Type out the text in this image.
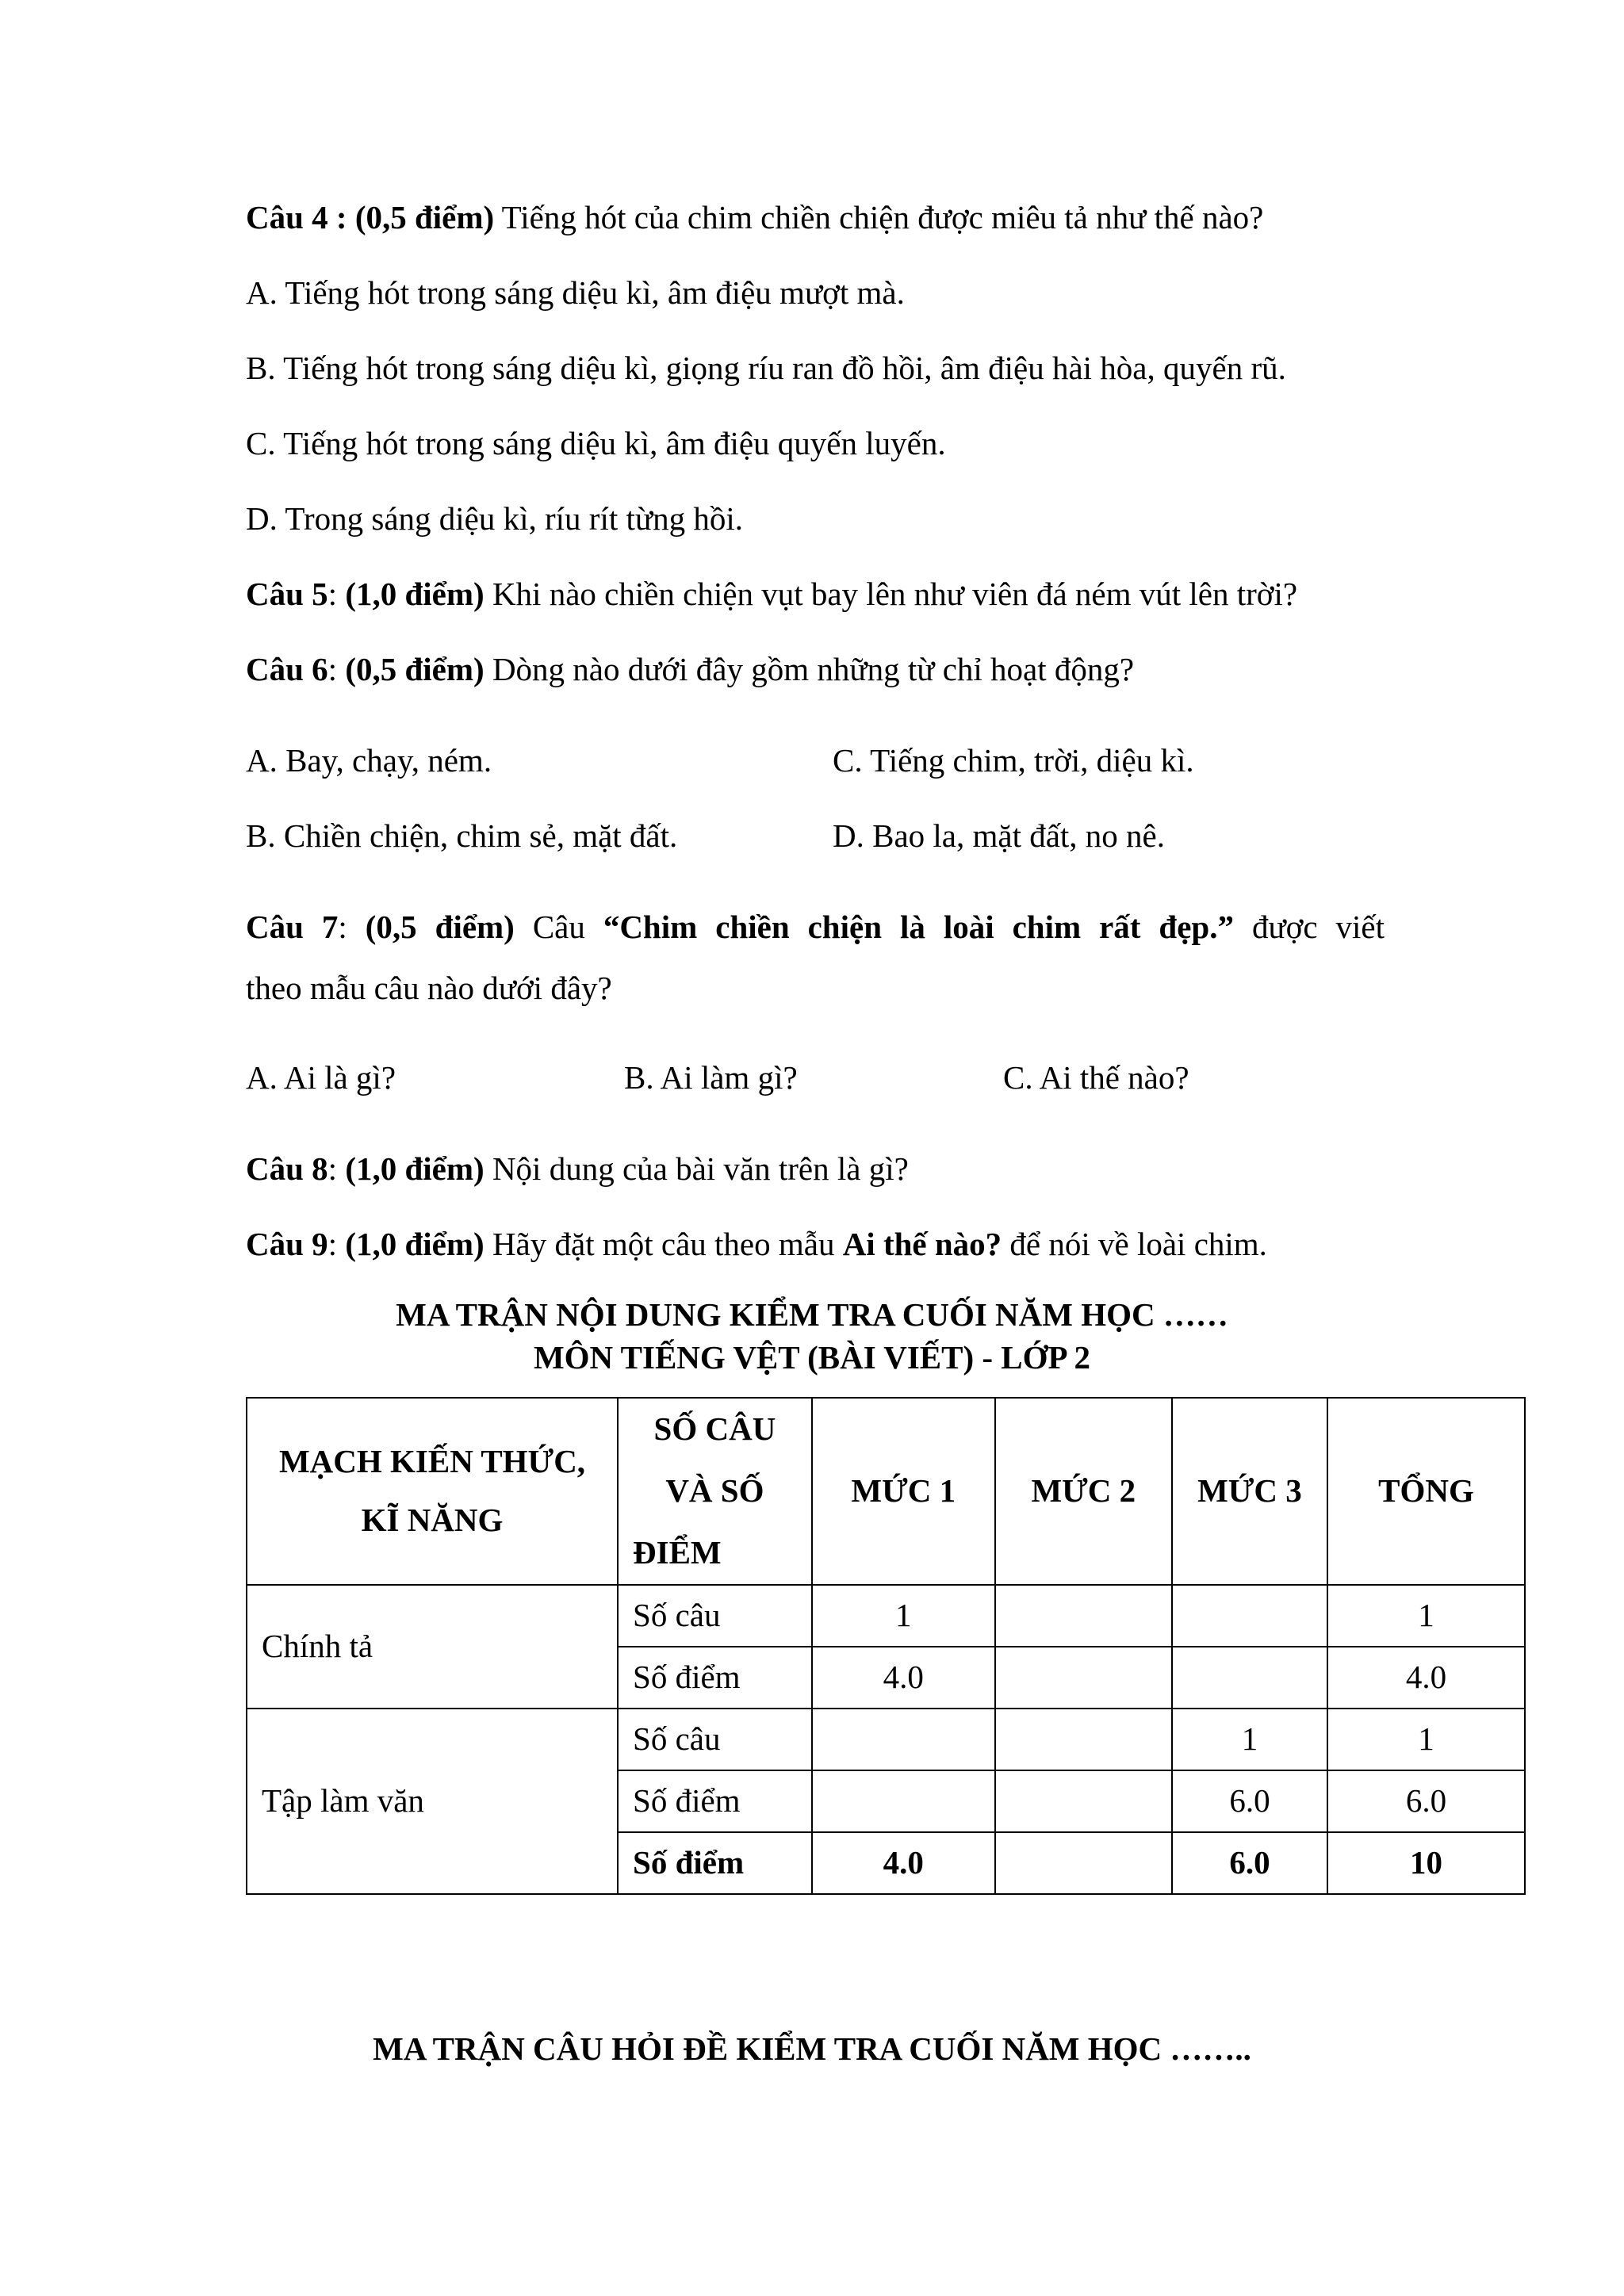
Câu 4 : (0,5 điểm) Tiếng hót của chim chiền chiện được miêu tả như thế nào?
A. Tiếng hót trong sáng diệu kì, âm điệu mượt mà.
B. Tiếng hót trong sáng diệu kì, giọng ríu ran đồ hồi, âm điệu hài hòa, quyến rũ.
C. Tiếng hót trong sáng diệu kì, âm điệu quyến luyến.
D. Trong sáng diệu kì, ríu rít từng hồi.
Câu 5: (1,0 điểm) Khi nào chiền chiện vụt bay lên như viên đá ném vút lên trời?
Câu 6: (0,5 điểm) Dòng nào dưới đây gồm những từ chỉ hoạt động?
A. Bay, chạy, ném.	C. Tiếng chim, trời, diệu kì.
B. Chiền chiện, chim sẻ, mặt đất.	D. Bao la, mặt đất, no nê.
Câu 7: (0,5 điểm) Câu “Chim chiền chiện là loài chim rất đẹp.” được viết
theo mẫu câu nào dưới đây?
A. Ai là gì?	B. Ai làm gì?	C. Ai thế nào?
Câu 8: (1,0 điểm) Nội dung của bài văn trên là gì?
Câu 9: (1,0 điểm) Hãy đặt một câu theo mẫu Ai thế nào? để nói về loài chim.
MA TRẬN NỘI DUNG KIỂM TRA CUỐI NĂM HỌC ……
MÔN TIẾNG VỆT (BÀI VIẾT) - LỚP 2
MẠCH KIẾN THỨC, KĨ NĂNG	SỐ CÂU VÀ SỐ ĐIỂM	MỨC 1	MỨC 2	MỨC 3	TỔNG
Chính tả	Số câu	1			1
	Số điểm	4.0			4.0
Tập làm văn	Số câu			1	1
	Số điểm			6.0	6.0
	Số điểm	4.0		6.0	10
MA TRẬN CÂU HỎI ĐỀ KIỂM TRA CUỐI NĂM HỌC ……..
